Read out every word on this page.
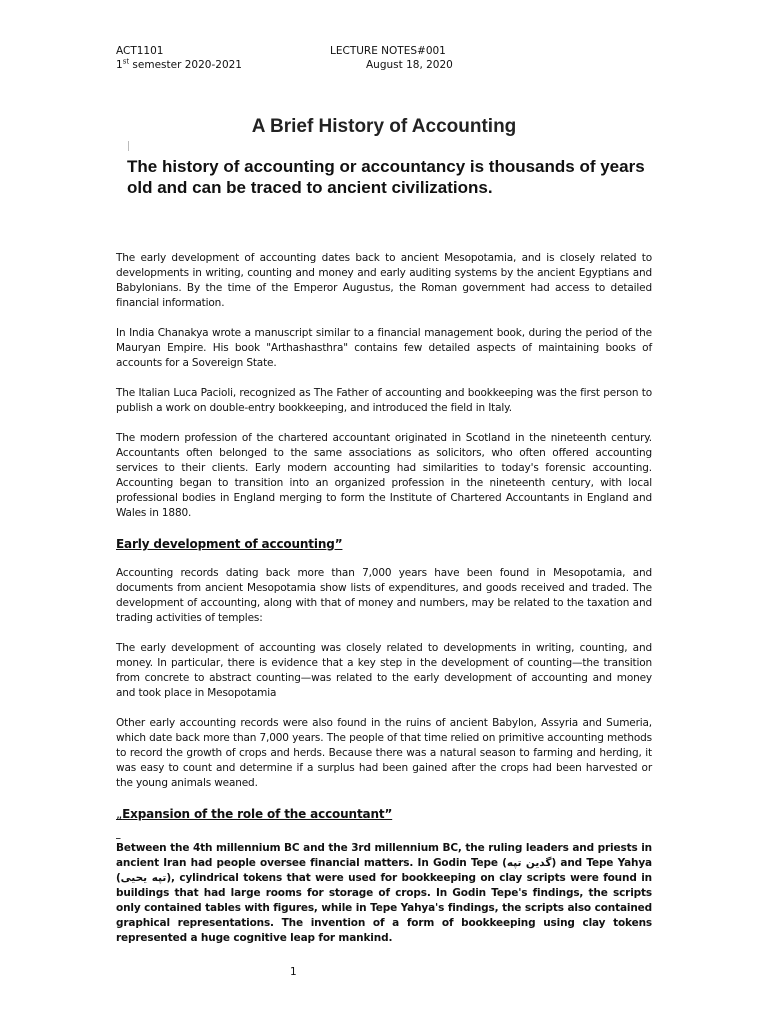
ACT1101
1st semester 2020-2021
LECTURE NOTES#001
August 18, 2020
A Brief History of Accounting
The history of accounting or accountancy is thousands of years old and can be traced to ancient civilizations.

The early development of accounting dates back to ancient Mesopotamia, and is closely related to developments in writing, counting and money and early auditing systems by the ancient Egyptians and Babylonians. By the time of the Emperor Augustus, the Roman government had access to detailed financial information.

In India Chanakya wrote a manuscript similar to a financial management book, during the period of the Mauryan Empire. His book "Arthashasthra" contains few detailed aspects of maintaining books of accounts for a Sovereign State.

The Italian Luca Pacioli, recognized as The Father of accounting and bookkeeping was the first person to publish a work on double-entry bookkeeping, and introduced the field in Italy.

The modern profession of the chartered accountant originated in Scotland in the nineteenth century. Accountants often belonged to the same associations as solicitors, who often offered accounting services to their clients. Early modern accounting had similarities to today's forensic accounting. Accounting began to transition into an organized profession in the nineteenth century, with local professional bodies in England merging to form the Institute of Chartered Accountants in England and Wales in 1880.

Early development of accounting”

Accounting records dating back more than 7,000 years have been found in Mesopotamia, and documents from ancient Mesopotamia show lists of expenditures, and goods received and traded. The development of accounting, along with that of money and numbers, may be related to the taxation and trading activities of temples:

The early development of accounting was closely related to developments in writing, counting, and money. In particular, there is evidence that a key step in the development of counting—the transition from concrete to abstract counting—was related to the early development of accounting and money and took place in Mesopotamia

Other early accounting records were also found in the ruins of ancient Babylon, Assyria and Sumeria, which date back more than 7,000 years. The people of that time relied on primitive accounting methods to record the growth of crops and herds. Because there was a natural season to farming and herding, it was easy to count and determine if a surplus had been gained after the crops had been harvested or the young animals weaned.

„Expansion of the role of the accountant”
_

Between the 4th millennium BC and the 3rd millennium BC, the ruling leaders and priests in ancient Iran had people oversee financial matters. In Godin Tepe (گدین تپه) and Tepe Yahya (تپه یحیی), cylindrical tokens that were used for bookkeeping on clay scripts were found in buildings that had large rooms for storage of crops. In Godin Tepe's findings, the scripts only contained tables with figures, while in Tepe Yahya's findings, the scripts also contained graphical representations. The invention of a form of bookkeeping using clay tokens represented a huge cognitive leap for mankind.

1
